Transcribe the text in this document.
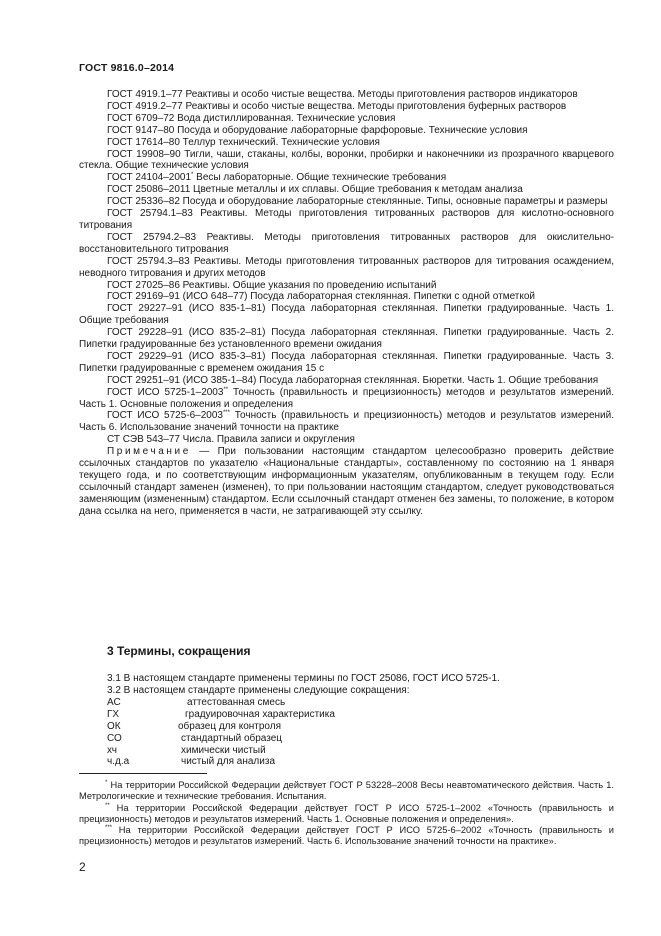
ГОСТ 9816.0–2014

ГОСТ 4919.1–77 Реактивы и особо чистые вещества. Методы приготовления растворов индикаторов

ГОСТ 4919.2–77 Реактивы и особо чистые вещества. Методы приготовления буферных растворов

ГОСТ 6709–72 Вода дистиллированная. Технические условия

ГОСТ 9147–80 Посуда и оборудование лабораторные фарфоровые. Технические условия

ГОСТ 17614–80 Теллур технический. Технические условия

ГОСТ 19908–90 Тигли, чаши, стаканы, колбы, воронки, пробирки и наконечники из прозрачного кварцевого стекла. Общие технические условия

ГОСТ 24104–2001* Весы лабораторные. Общие технические требования

ГОСТ 25086–2011 Цветные металлы и их сплавы. Общие требования к методам анализа

ГОСТ 25336–82 Посуда и оборудование лабораторные стеклянные. Типы, основные параметры и размеры

ГОСТ 25794.1–83 Реактивы. Методы приготовления титрованных растворов для кислотно-основного титрования

ГОСТ 25794.2–83 Реактивы. Методы приготовления титрованных растворов для окислительно-восстановительного титрования

ГОСТ 25794.3–83 Реактивы. Методы приготовления титрованных растворов для титрования осаждением, неводного титрования и других методов

ГОСТ 27025–86 Реактивы. Общие указания по проведению испытаний

ГОСТ 29169–91 (ИСО 648–77) Посуда лабораторная стеклянная. Пипетки с одной отметкой

ГОСТ 29227–91 (ИСО 835-1–81) Посуда лабораторная стеклянная. Пипетки градуированные. Часть 1. Общие требования

ГОСТ 29228–91 (ИСО 835-2–81) Посуда лабораторная стеклянная. Пипетки градуированные. Часть 2. Пипетки градуированные без установленного времени ожидания

ГОСТ 29229–91 (ИСО 835-3–81) Посуда лабораторная стеклянная. Пипетки градуированные. Часть 3. Пипетки градуированные с временем ожидания 15 с

ГОСТ 29251–91 (ИСО 385-1–84) Посуда лабораторная стеклянная. Бюретки. Часть 1. Общие требования

ГОСТ ИСО 5725-1–2003** Точность (правильность и прецизионность) методов и результатов измерений. Часть 1. Основные положения и определения

ГОСТ ИСО 5725-6–2003*** Точность (правильность и прецизионность) методов и результатов измерений. Часть 6. Использование значений точности на практике

СТ СЭВ 543–77 Числа. Правила записи и округления

Примечание — При пользовании настоящим стандартом целесообразно проверить действие ссылочных стандартов по указателю «Национальные стандарты», составленному по состоянию на 1 января текущего года, и по соответствующим информационным указателям, опубликованным в текущем году. Если ссылочный стандарт заменен (изменен), то при пользовании настоящим стандартом, следует руководствоваться заменяющим (измененным) стандартом. Если ссылочный стандарт отменен без замены, то положение, в котором дана ссылка на него, применяется в части, не затрагивающей эту ссылку.

3 Термины, сокращения

3.1 В настоящем стандарте применены термины по ГОСТ 25086, ГОСТ ИСО 5725-1.

3.2 В настоящем стандарте применены следующие сокращения:

АС	аттестованная смесь
ГХ	градуировочная характеристика
ОК	образец для контроля
СО	стандартный образец
хч	химически чистый
ч.д.а	чистый для анализа

* На территории Российской Федерации действует ГОСТ Р 53228–2008 Весы неавтоматического действия. Часть 1. Метрологические и технические требования. Испытания.

** На территории Российской Федерации действует ГОСТ Р ИСО 5725-1–2002 «Точность (правильность и прецизионность) методов и результатов измерений. Часть 1. Основные положения и определения».

*** На территории Российской Федерации действует ГОСТ Р ИСО 5725-6–2002 «Точность (правильность и прецизионность) методов и результатов измерений. Часть 6. Использование значений точности на практике».

2
